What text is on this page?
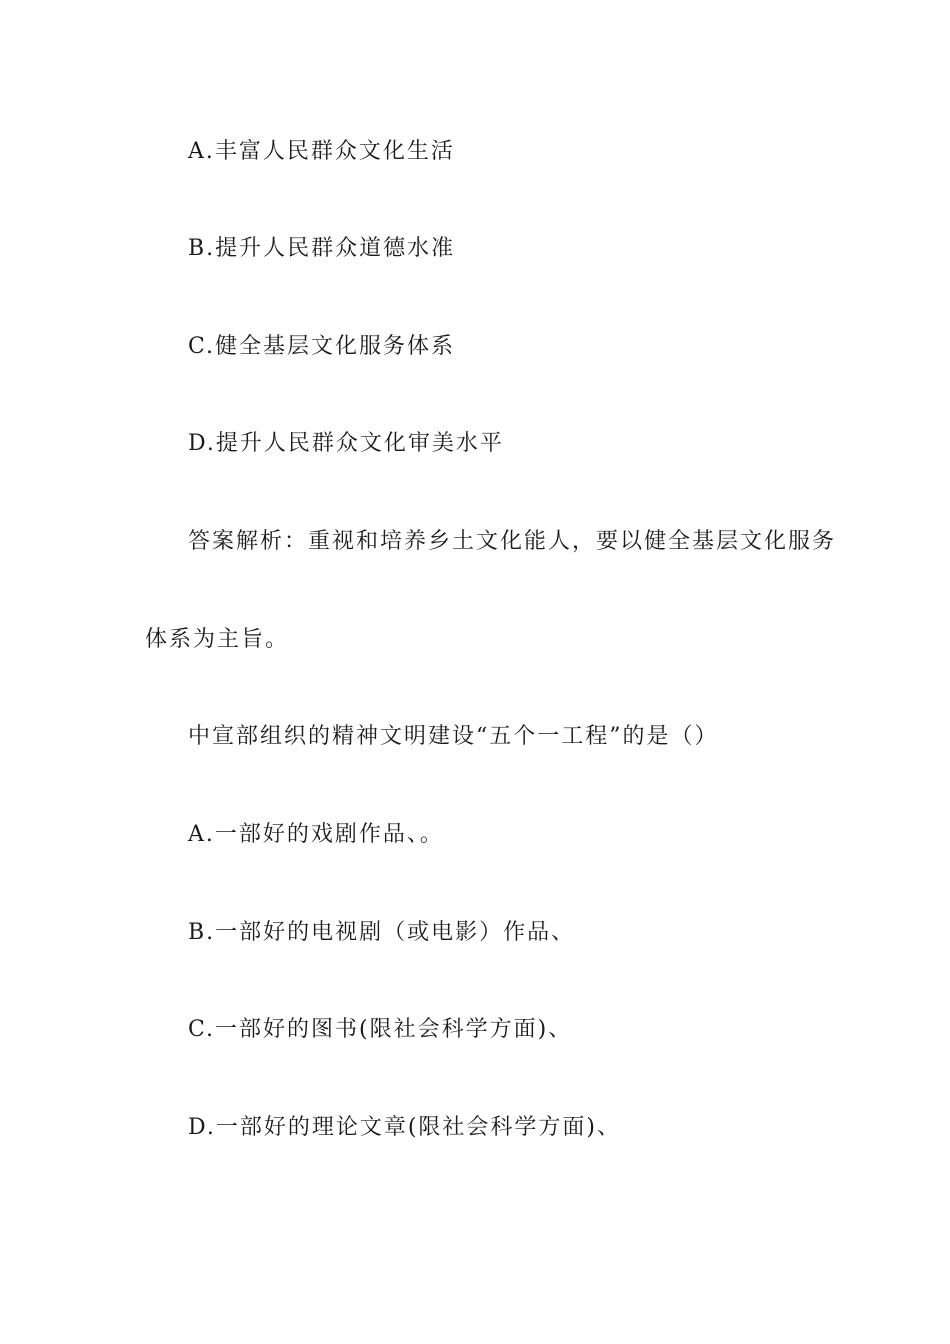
A.丰富人民群众文化生活
B.提升人民群众道德水准
C.健全基层文化服务体系
D.提升人民群众文化审美水平
答案解析：重视和培养乡土文化能人，要以健全基层文化服务
体系为主旨。
中宣部组织的精神文明建设“五个一工程”的是（）
A.一部好的戏剧作品、。
B.一部好的电视剧（或电影）作品、
C.一部好的图书(限社会科学方面)、
D.一部好的理论文章(限社会科学方面)、
